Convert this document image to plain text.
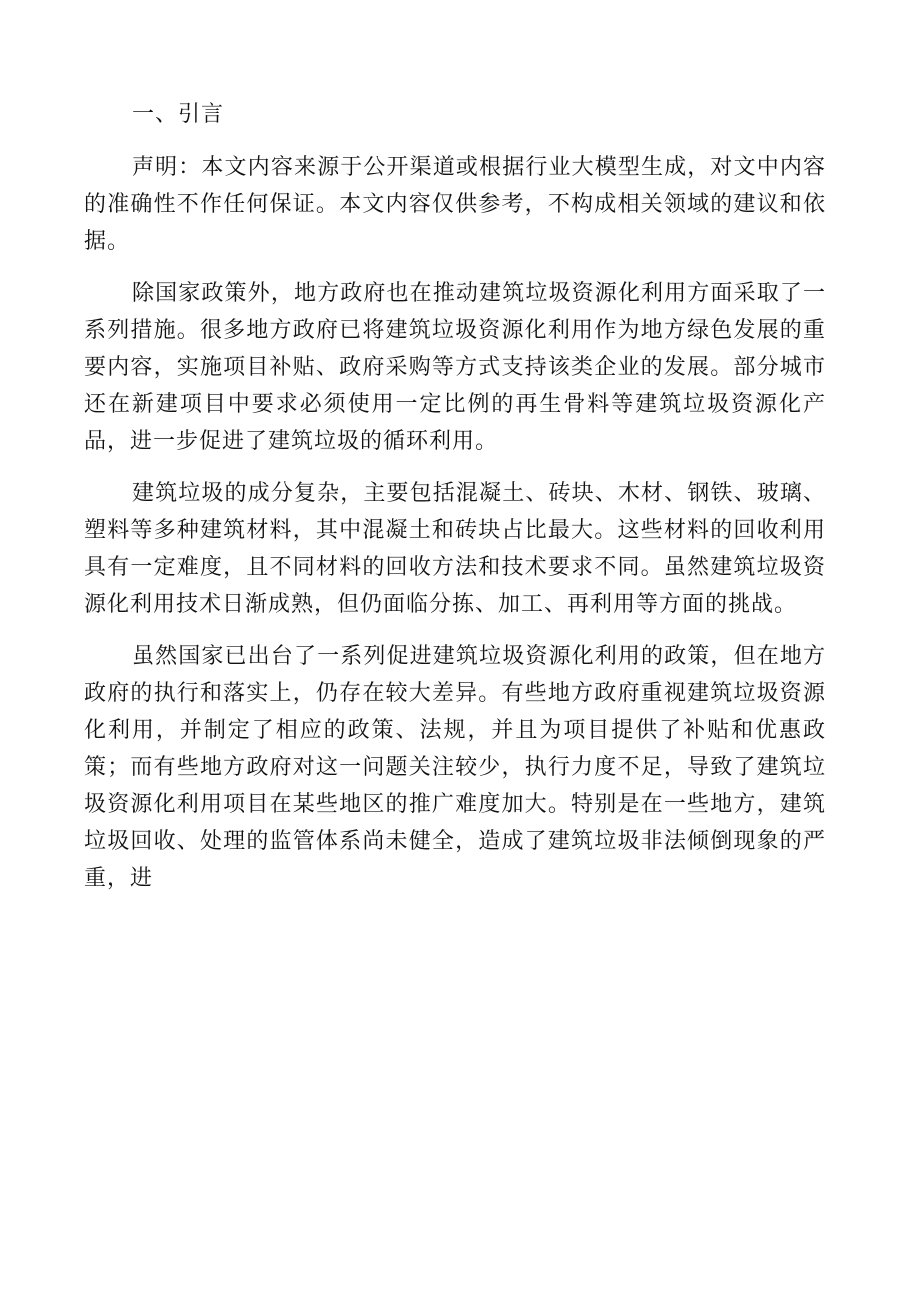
一、引言

声明：本文内容来源于公开渠道或根据行业大模型生成，对文中内容的准确性不作任何保证。本文内容仅供参考，不构成相关领域的建议和依据。

除国家政策外，地方政府也在推动建筑垃圾资源化利用方面采取了一系列措施。很多地方政府已将建筑垃圾资源化利用作为地方绿色发展的重要内容，实施项目补贴、政府采购等方式支持该类企业的发展。部分城市还在新建项目中要求必须使用一定比例的再生骨料等建筑垃圾资源化产品，进一步促进了建筑垃圾的循环利用。

建筑垃圾的成分复杂，主要包括混凝土、砖块、木材、钢铁、玻璃、塑料等多种建筑材料，其中混凝土和砖块占比最大。这些材料的回收利用具有一定难度，且不同材料的回收方法和技术要求不同。虽然建筑垃圾资源化利用技术日渐成熟，但仍面临分拣、加工、再利用等方面的挑战。

虽然国家已出台了一系列促进建筑垃圾资源化利用的政策，但在地方政府的执行和落实上，仍存在较大差异。有些地方政府重视建筑垃圾资源化利用，并制定了相应的政策、法规，并且为项目提供了补贴和优惠政策；而有些地方政府对这一问题关注较少，执行力度不足，导致了建筑垃圾资源化利用项目在某些地区的推广难度加大。特别是在一些地方，建筑垃圾回收、处理的监管体系尚未健全，造成了建筑垃圾非法倾倒现象的严重，进
